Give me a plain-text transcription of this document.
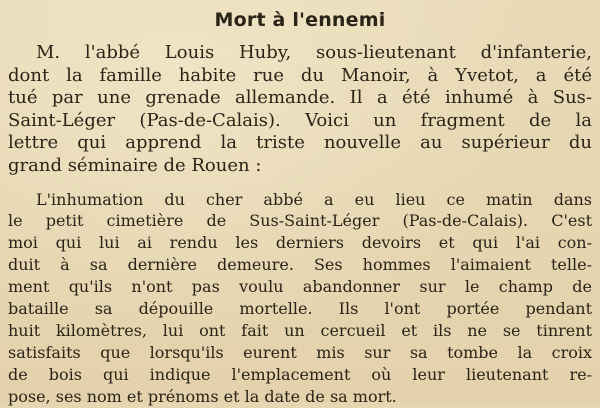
Mort à l'ennemi
M. l'abbé Louis Huby, sous-lieutenant d'infanterie,
dont la famille habite rue du Manoir, à Yvetot, a été
tué par une grenade allemande. Il a été inhumé à Sus-
Saint-Léger (Pas-de-Calais). Voici un fragment de la
lettre qui apprend la triste nouvelle au supérieur du
grand séminaire de Rouen :
L'inhumation du cher abbé a eu lieu ce matin dans
le petit cimetière de Sus-Saint-Léger (Pas-de-Calais). C'est
moi qui lui ai rendu les derniers devoirs et qui l'ai con-
duit à sa dernière demeure. Ses hommes l'aimaient telle-
ment qu'ils n'ont pas voulu abandonner sur le champ de
bataille sa dépouille mortelle. Ils l'ont portée pendant
huit kilomètres, lui ont fait un cercueil et ils ne se tinrent
satisfaits que lorsqu'ils eurent mis sur sa tombe la croix
de bois qui indique l'emplacement où leur lieutenant re-
pose, ses nom et prénoms et la date de sa mort.
